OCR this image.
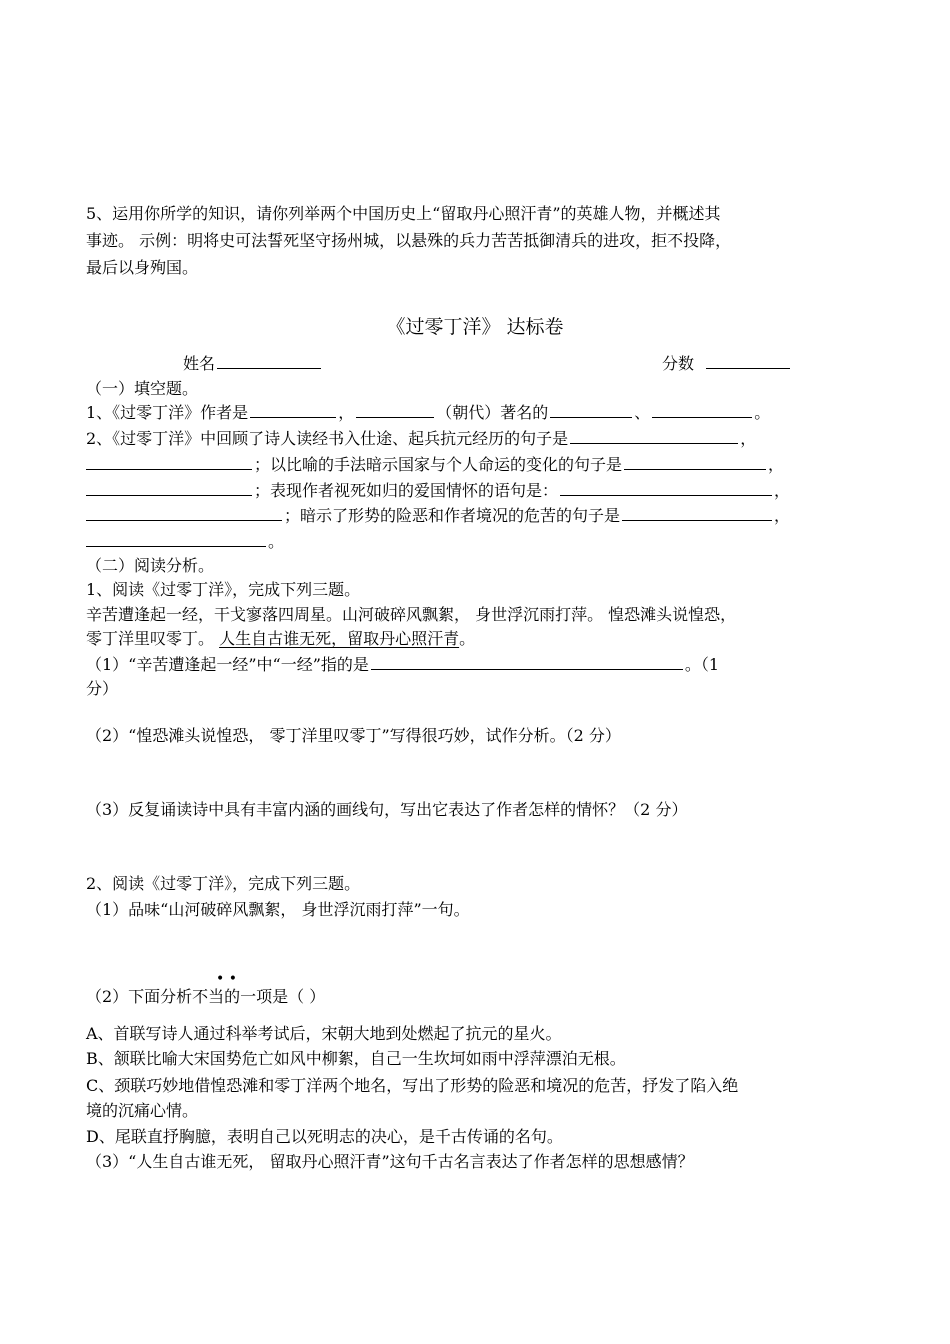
5、运用你所学的知识，请你列举两个中国历史上“留取丹心照汗青”的英雄人物，并概述其
事迹。 示例：明将史可法誓死坚守扬州城，以悬殊的兵力苦苦抵御清兵的进攻，拒不投降，
最后以身殉国。
《过零丁洋》 达标卷
姓名	分数
（一）填空题。
1、《过零丁洋》作者是	，	（朝代）著名的	、	。
2、《过零丁洋》中回顾了诗人读经书入仕途、起兵抗元经历的句子是	，
；以比喻的手法暗示国家与个人命运的变化的句子是	，
；表现作者视死如归的爱国情怀的语句是：	，
；暗示了形势的险恶和作者境况的危苦的句子是	，
。
（二）阅读分析。
1、阅读《过零丁洋》，完成下列三题。
辛苦遭逢起一经，干戈寥落四周星。山河破碎风飘絮， 身世浮沉雨打萍。 惶恐滩头说惶恐，
零丁洋里叹零丁。 人生自古谁无死，留取丹心照汗青。
（1）“辛苦遭逢起一经”中“一经”指的是	。（1
分）
（2）“惶恐滩头说惶恐， 零丁洋里叹零丁”写得很巧妙，试作分析。（2 分）
（3）反复诵读诗中具有丰富内涵的画线句，写出它表达了作者怎样的情怀？（2 分）
2、阅读《过零丁洋》，完成下列三题。
（1）品味“山河破碎风飘絮， 身世浮沉雨打萍”一句。
• •
（2）下面分析不当的一项是（ ）
A、首联写诗人通过科举考试后，宋朝大地到处燃起了抗元的星火。
B、颔联比喻大宋国势危亡如风中柳絮，自己一生坎坷如雨中浮萍漂泊无根。
C、颈联巧妙地借惶恐滩和零丁洋两个地名，写出了形势的险恶和境况的危苦，抒发了陷入绝
境的沉痛心情。
D、尾联直抒胸臆，表明自己以死明志的决心，是千古传诵的名句。
（3）“人生自古谁无死， 留取丹心照汗青”这句千古名言表达了作者怎样的思想感情？
